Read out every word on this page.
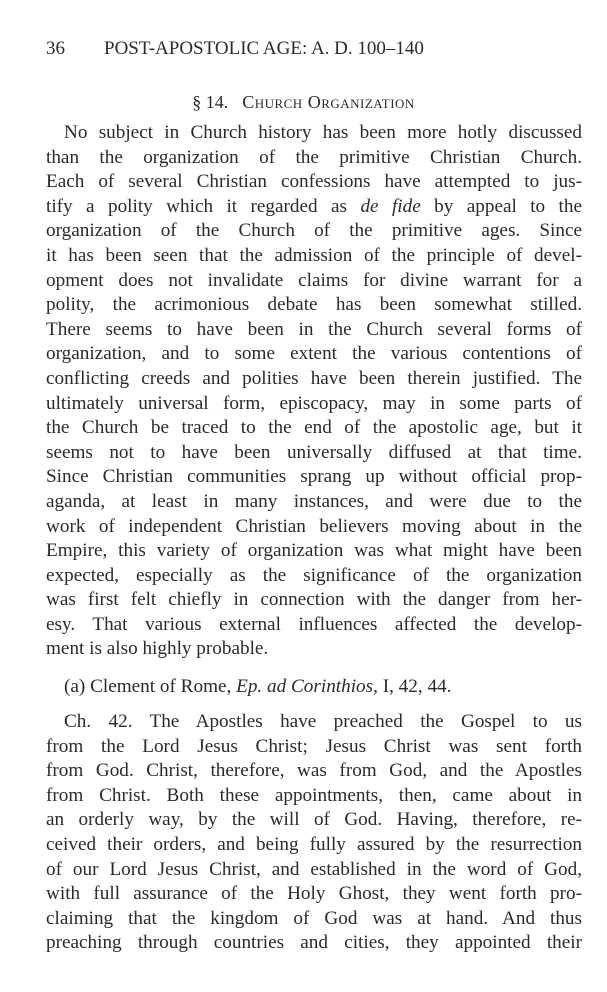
36 POST-APOSTOLIC AGE: A. D. 100–140
§ 14. Church Organization
No subject in Church history has been more hotly discussed
than the organization of the primitive Christian Church.
Each of several Christian confessions have attempted to jus-
tify a polity which it regarded as de fide by appeal to the
organization of the Church of the primitive ages. Since
it has been seen that the admission of the principle of devel-
opment does not invalidate claims for divine warrant for a
polity, the acrimonious debate has been somewhat stilled.
There seems to have been in the Church several forms of
organization, and to some extent the various contentions of
conflicting creeds and polities have been therein justified. The
ultimately universal form, episcopacy, may in some parts of
the Church be traced to the end of the apostolic age, but it
seems not to have been universally diffused at that time.
Since Christian communities sprang up without official prop-
aganda, at least in many instances, and were due to the
work of independent Christian believers moving about in the
Empire, this variety of organization was what might have been
expected, especially as the significance of the organization
was first felt chiefly in connection with the danger from her-
esy. That various external influences affected the develop-
ment is also highly probable.
(a) Clement of Rome, Ep. ad Corinthios, I, 42, 44.
Ch. 42. The Apostles have preached the Gospel to us
from the Lord Jesus Christ; Jesus Christ was sent forth
from God. Christ, therefore, was from God, and the Apostles
from Christ. Both these appointments, then, came about in
an orderly way, by the will of God. Having, therefore, re-
ceived their orders, and being fully assured by the resurrection
of our Lord Jesus Christ, and established in the word of God,
with full assurance of the Holy Ghost, they went forth pro-
claiming that the kingdom of God was at hand. And thus
preaching through countries and cities, they appointed their
